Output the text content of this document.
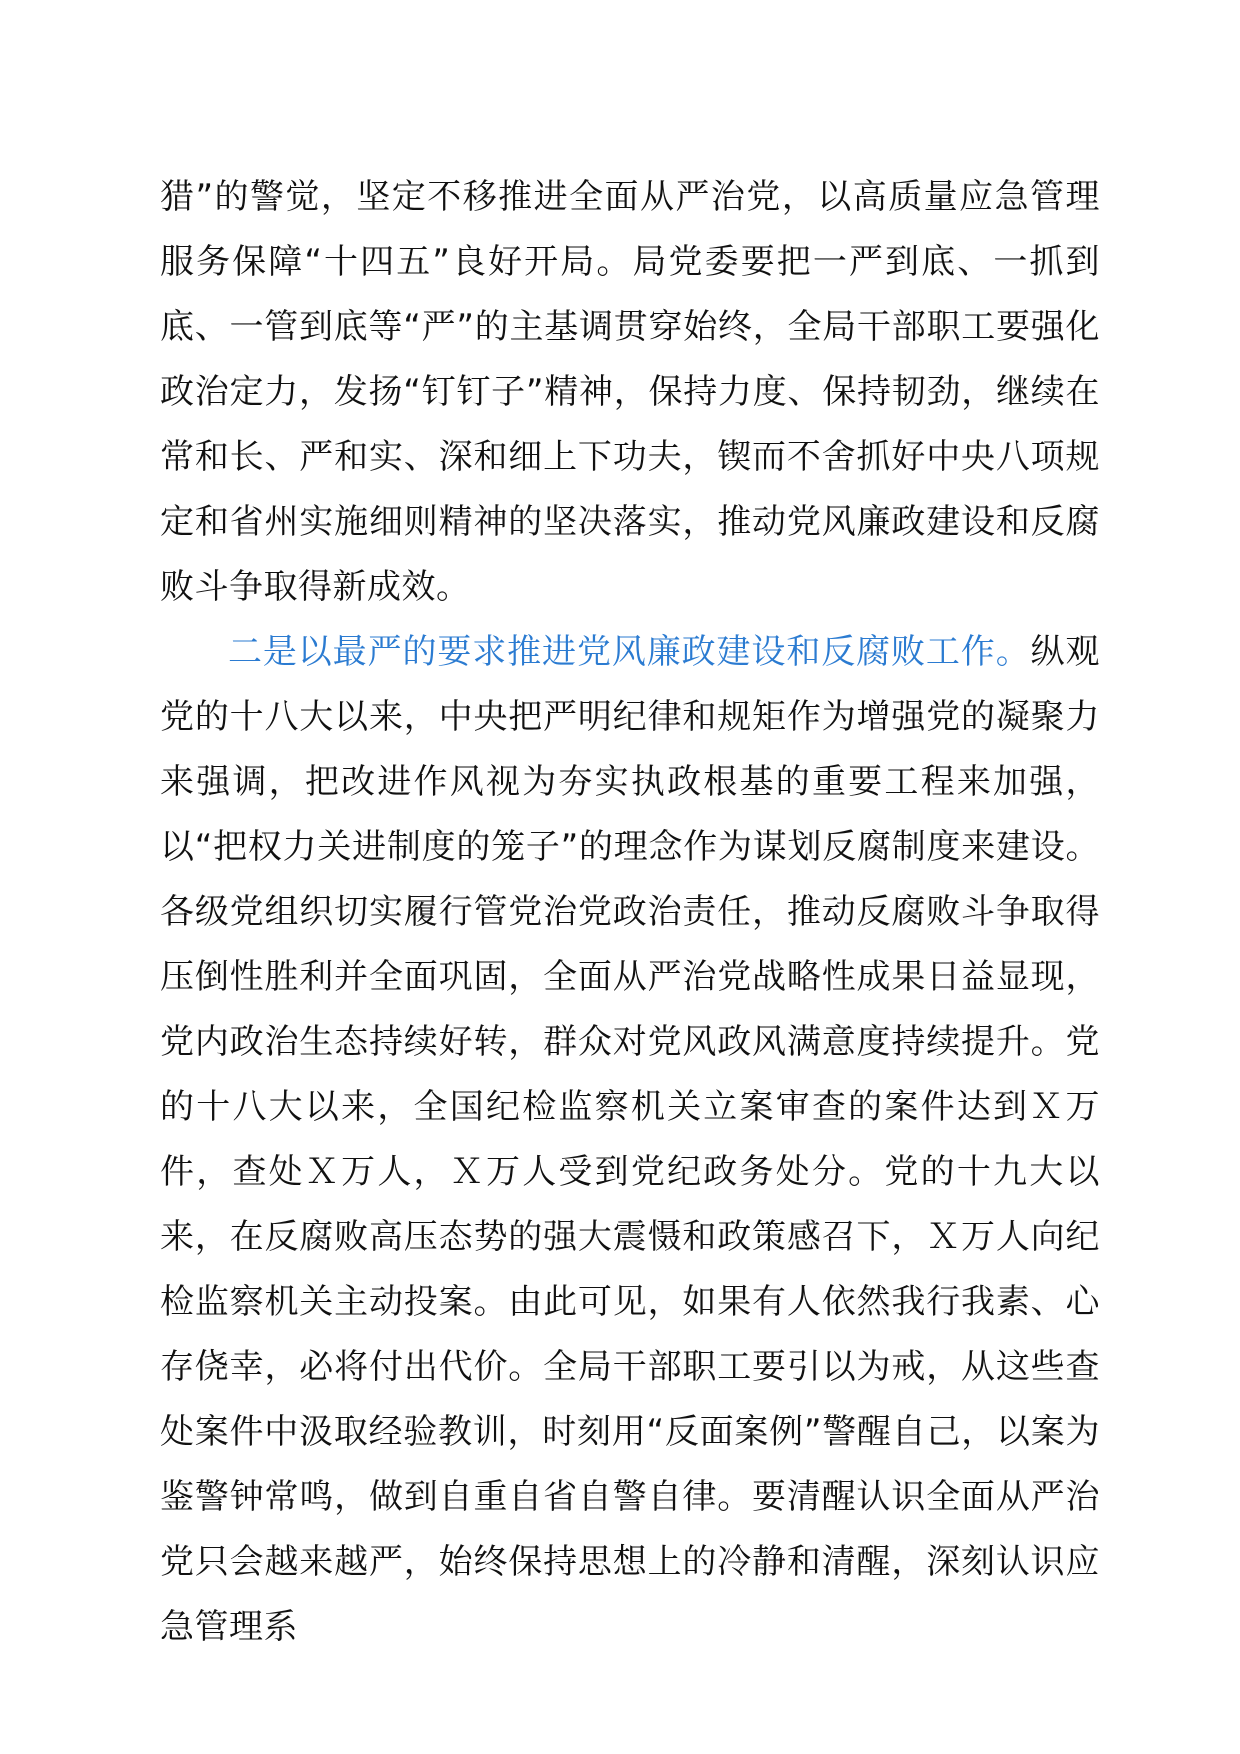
猎”的警觉，坚定不移推进全面从严治党，以高质量应急管理服务保障“十四五”良好开局。局党委要把一严到底、一抓到底、一管到底等“严”的主基调贯穿始终，全局干部职工要强化政治定力，发扬“钉钉子”精神，保持力度、保持韧劲，继续在常和长、严和实、深和细上下功夫，锲而不舍抓好中央八项规定和省州实施细则精神的坚决落实，推动党风廉政建设和反腐败斗争取得新成效。

二是以最严的要求推进党风廉政建设和反腐败工作。纵观党的十八大以来，中央把严明纪律和规矩作为增强党的凝聚力来强调，把改进作风视为夯实执政根基的重要工程来加强，以“把权力关进制度的笼子”的理念作为谋划反腐制度来建设。各级党组织切实履行管党治党政治责任，推动反腐败斗争取得压倒性胜利并全面巩固，全面从严治党战略性成果日益显现，党内政治生态持续好转，群众对党风政风满意度持续提升。党的十八大以来，全国纪检监察机关立案审查的案件达到Ｘ万件，查处Ｘ万人，Ｘ万人受到党纪政务处分。党的十九大以来，在反腐败高压态势的强大震慑和政策感召下，Ｘ万人向纪检监察机关主动投案。由此可见，如果有人依然我行我素、心存侥幸，必将付出代价。全局干部职工要引以为戒，从这些查处案件中汲取经验教训，时刻用“反面案例”警醒自己，以案为鉴警钟常鸣，做到自重自省自警自律。要清醒认识全面从严治党只会越来越严，始终保持思想上的冷静和清醒，深刻认识应急管理系
